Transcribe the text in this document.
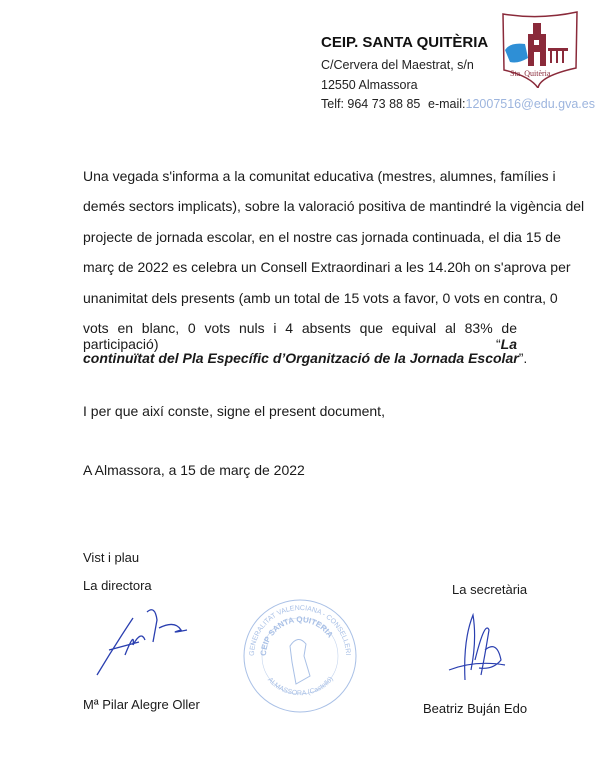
CEIP. SANTA QUITÈRIA
C/Cervera del Maestrat, s/n
12550 Almassora
Telf: 964 73 88 85 e-mail:12007516@edu.gva.es
Sta. Quitèria
Una vegada s'informa a la comunitat educativa (mestres, alumnes, famílies i
demés sectors implicats), sobre la valoració positiva de mantindré la vigència del
projecte de jornada escolar, en el nostre cas jornada continuada, el dia 15 de
març de 2022 es celebra un Consell Extraordinari a les 14.20h on s'aprova per
unanimitat dels presents (amb un total de 15 vots a favor, 0 vots en contra, 0
vots en blanc, 0 vots nuls i 4 absents que equival al 83% de participació) “La
continuïtat del Pla Específic d’Organització de la Jornada Escolar”.
I per que així conste, signe el present document,
A Almassora, a 15 de març de 2022
Vist i plau
La directora	La secretària
GENERALITAT VALENCIANA - CONSELLERI
CEIP SANTA QUITERIA
ALMASSORA (Castelló)
Mª Pilar Alegre Oller	Beatriz Buján Edo
